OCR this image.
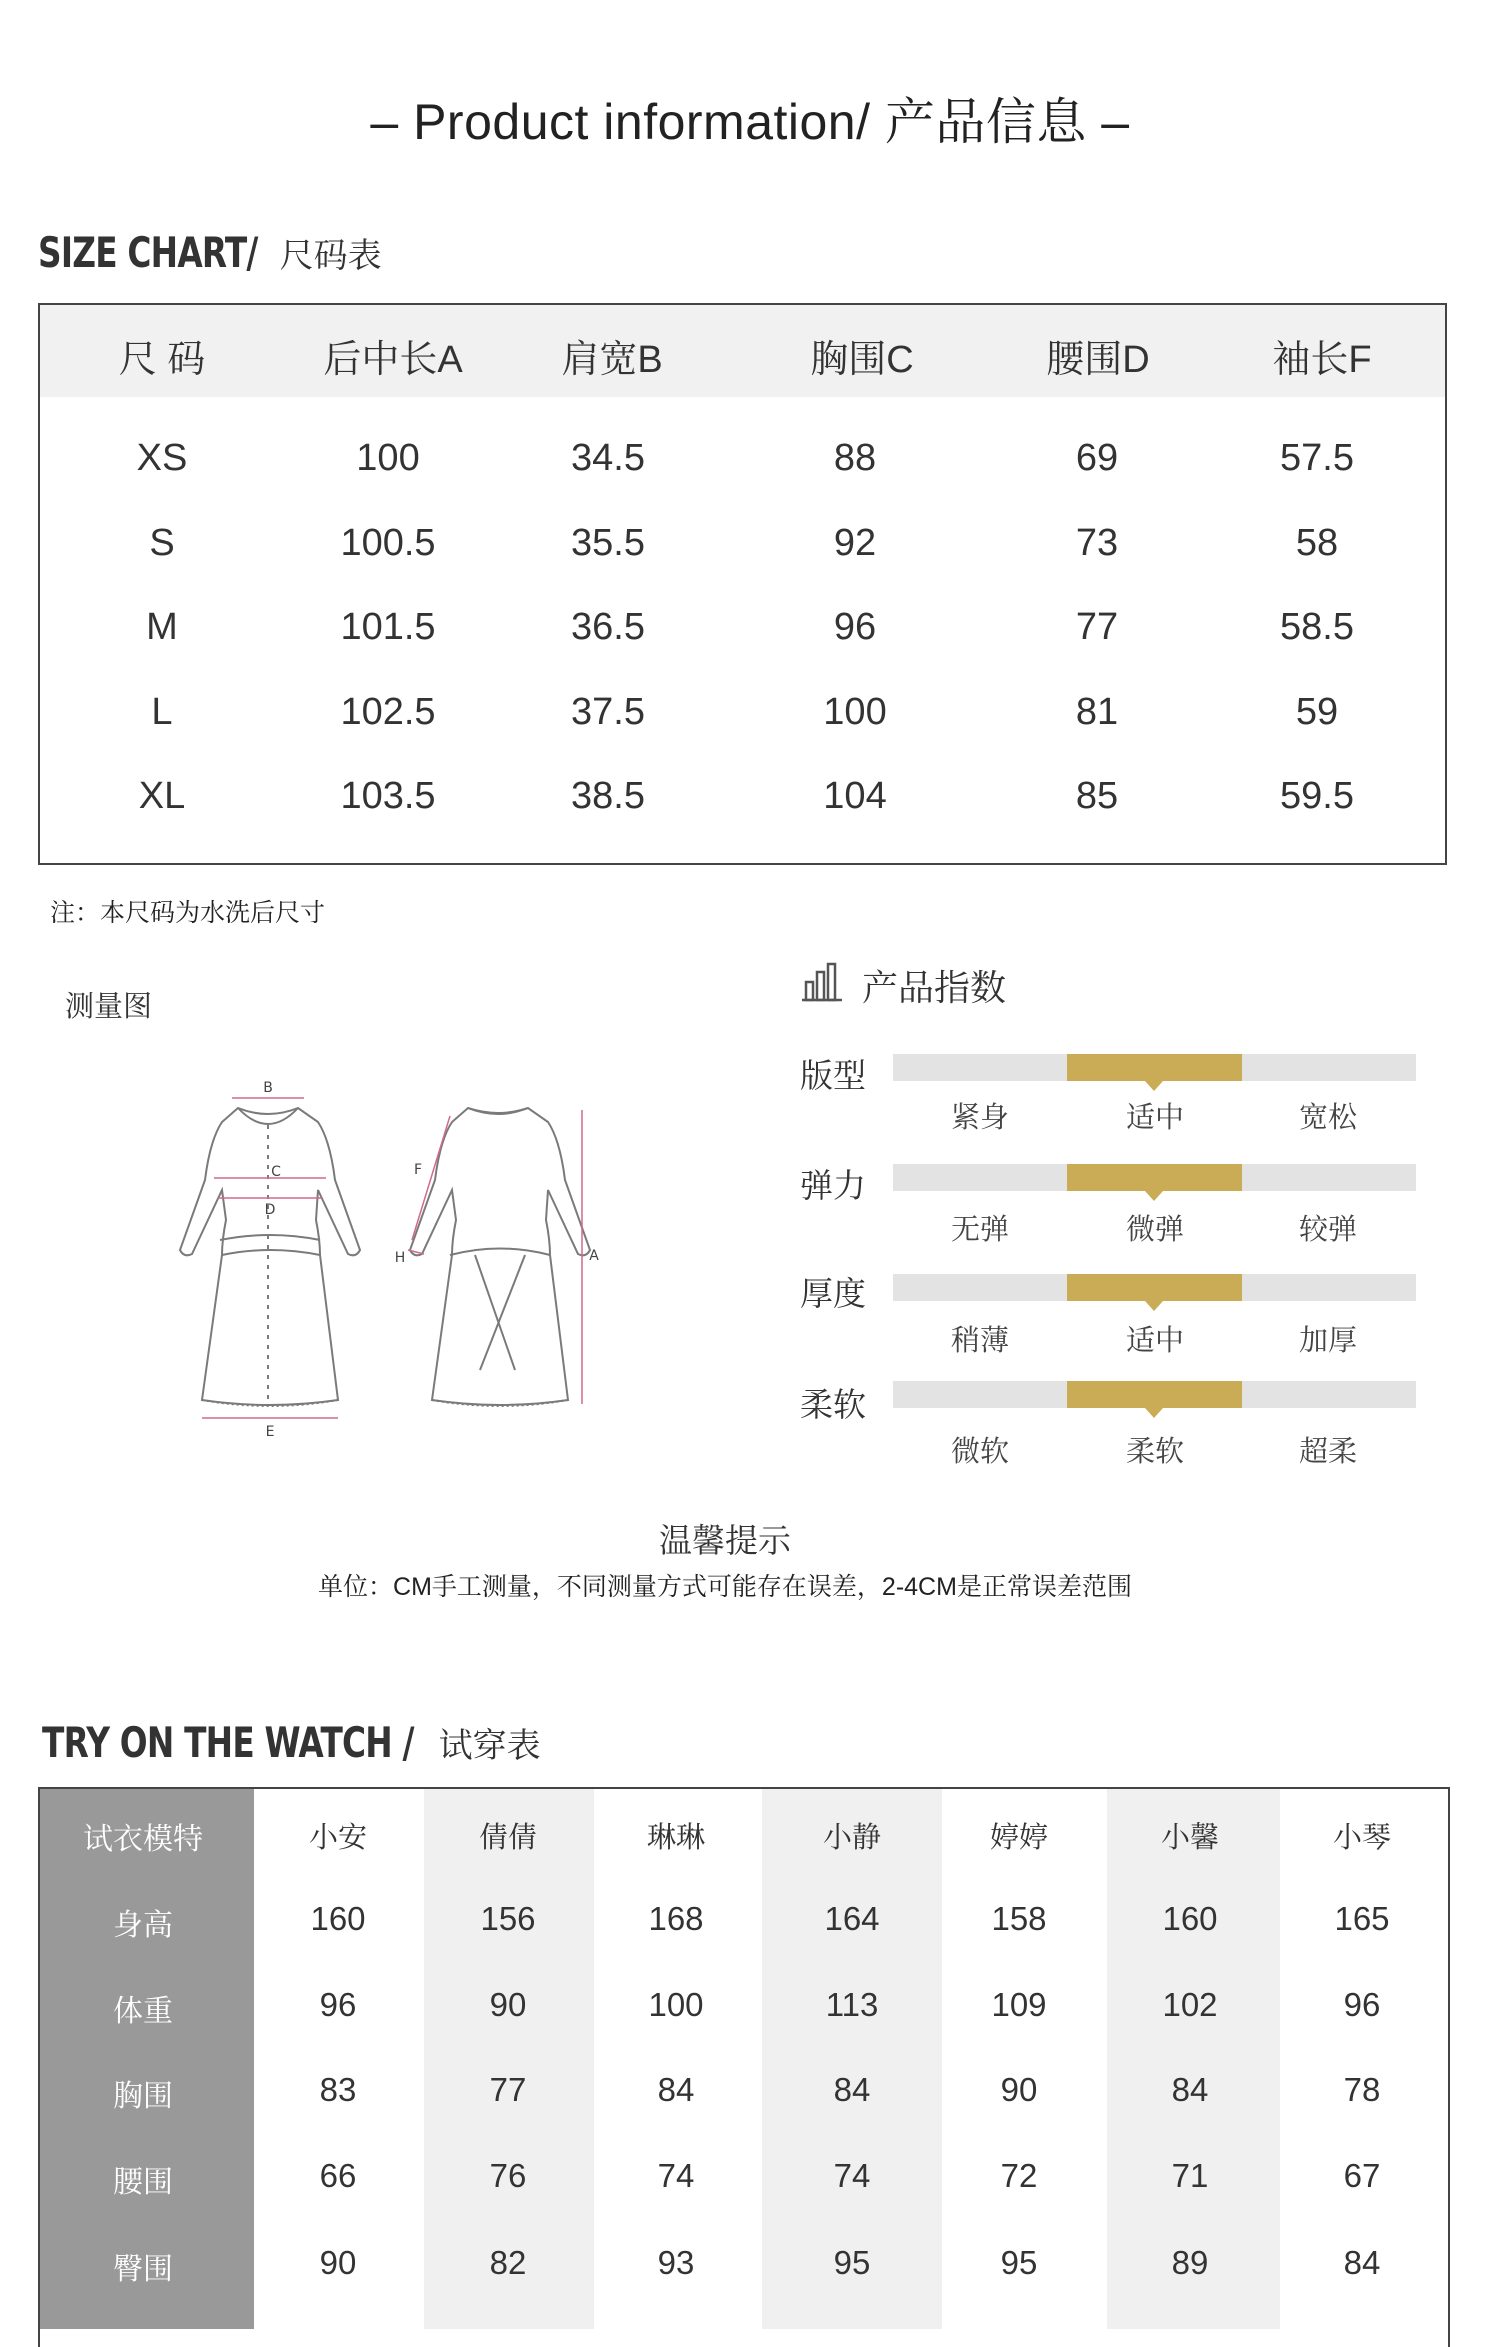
– Product information/ 产品信息 –
SIZE CHART/ 尺码表
尺 码	后中长A	肩宽B	胸围C	腰围D	袖长F
XS	100	34.5	88	69	57.5
S	100.5	35.5	92	73	58
M	101.5	36.5	96	77	58.5
L	102.5	37.5	100	81	59
XL	103.5	38.5	104	85	59.5
注：本尺码为水洗后尺寸
测量图
B
C
D
E
F
H	A
产品指数
版型
紧身	适中	宽松
弹力
无弹	微弹	较弹
厚度
稍薄	适中	加厚
柔软
微软	柔软	超柔
温馨提示
单位：CM手工测量，不同测量方式可能存在误差，2-4CM是正常误差范围
TRY ON THE WATCH / 试穿表
试衣模特	小安	倩倩	琳琳	小静	婷婷	小馨	小琴
身高	160	156	168	164	158	160	165
体重	96	90	100	113	109	102	96
胸围	83	77	84	84	90	84	78
腰围	66	76	74	74	72	71	67
臀围	90	82	93	95	95	89	84
